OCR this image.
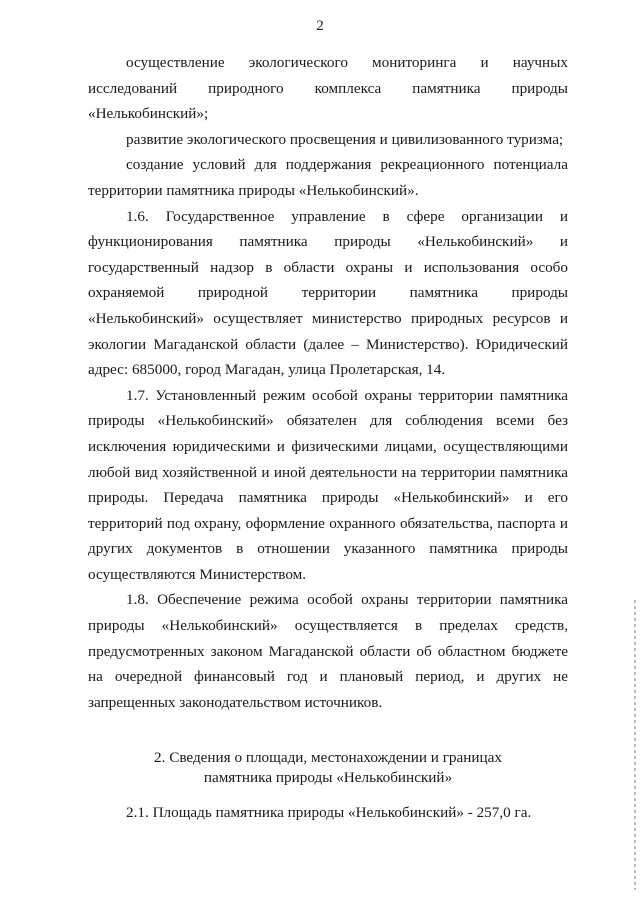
2

осуществление экологического мониторинга и научных исследований природного комплекса памятника природы «Нелькобинский»;

развитие экологического просвещения и цивилизованного туризма;

создание условий для поддержания рекреационного потенциала территории памятника природы «Нелькобинский».

1.6. Государственное управление в сфере организации и функционирования памятника природы «Нелькобинский» и государственный надзор в области охраны и использования особо охраняемой природной территории памятника природы «Нелькобинский» осуществляет министерство природных ресурсов и экологии Магаданской области (далее – Министерство). Юридический адрес: 685000, город Магадан, улица Пролетарская, 14.

1.7. Установленный режим особой охраны территории памятника природы «Нелькобинский» обязателен для соблюдения всеми без исключения юридическими и физическими лицами, осуществляющими любой вид хозяйственной и иной деятельности на территории памятника природы. Передача памятника природы «Нелькобинский» и его территорий под охрану, оформление охранного обязательства, паспорта и других документов в отношении указанного памятника природы осуществляются Министерством.

1.8. Обеспечение режима особой охраны территории памятника природы «Нелькобинский» осуществляется в пределах средств, предусмотренных законом Магаданской области об областном бюджете на очередной финансовый год и плановый период, и других не запрещенных законодательством источников.

2. Сведения о площади, местонахождении и границах
памятника природы «Нелькобинский»
2.1. Площадь памятника природы «Нелькобинский» - 257,0 га.
